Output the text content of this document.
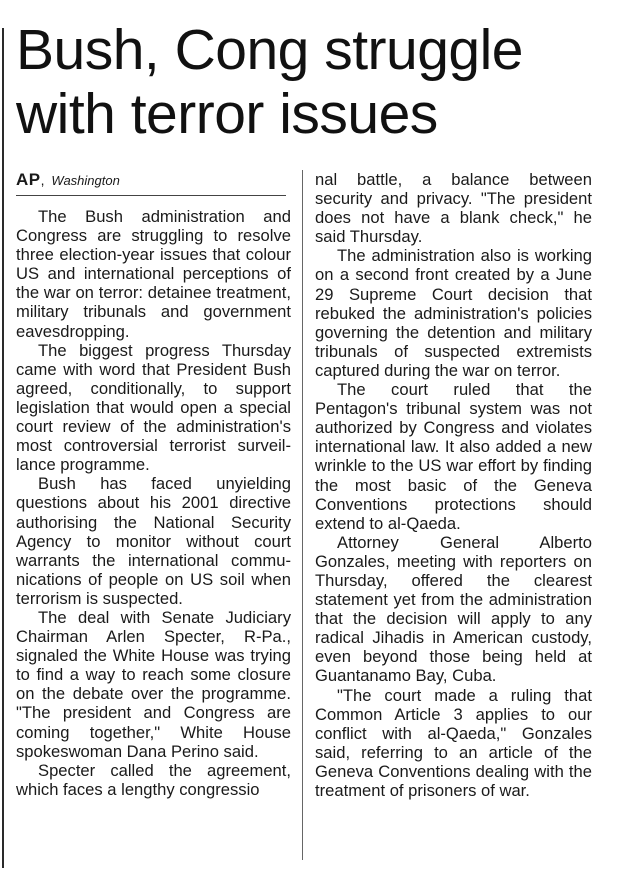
Bush, Cong struggle with terror issues
AP, Washington

The Bush administration and Congress are struggling to resolve three election-year issues that colour US and international perceptions of the war on terror: detainee treatment, military tribunals and government eavesdropping.

The biggest progress Thursday came with word that President Bush agreed, conditionally, to support legislation that would open a special court review of the administration's most controversial terrorist surveillance programme.

Bush has faced unyielding questions about his 2001 directive authorising the National Security Agency to monitor without court warrants the international communications of people on US soil when terrorism is suspected.

The deal with Senate Judiciary Chairman Arlen Specter, R-Pa., signaled the White House was trying to find a way to reach some closure on the debate over the programme. "The president and Congress are coming together," White House spokeswoman Dana Perino said.

Specter called the agreement, which faces a lengthy congressio

nal battle, a balance between security and privacy. "The president does not have a blank check," he said Thursday.

The administration also is working on a second front created by a June 29 Supreme Court decision that rebuked the administration's policies governing the detention and military tribunals of suspected extremists captured during the war on terror.

The court ruled that the Pentagon's tribunal system was not authorized by Congress and violates international law. It also added a new wrinkle to the US war effort by finding the most basic of the Geneva Conventions protections should extend to al-Qaeda.

Attorney General Alberto Gonzales, meeting with reporters on Thursday, offered the clearest statement yet from the administration that the decision will apply to any radical Jihadis in American custody, even beyond those being held at Guantanamo Bay, Cuba.

"The court made a ruling that Common Article 3 applies to our conflict with al-Qaeda," Gonzales said, referring to an article of the Geneva Conventions dealing with the treatment of prisoners of war.
